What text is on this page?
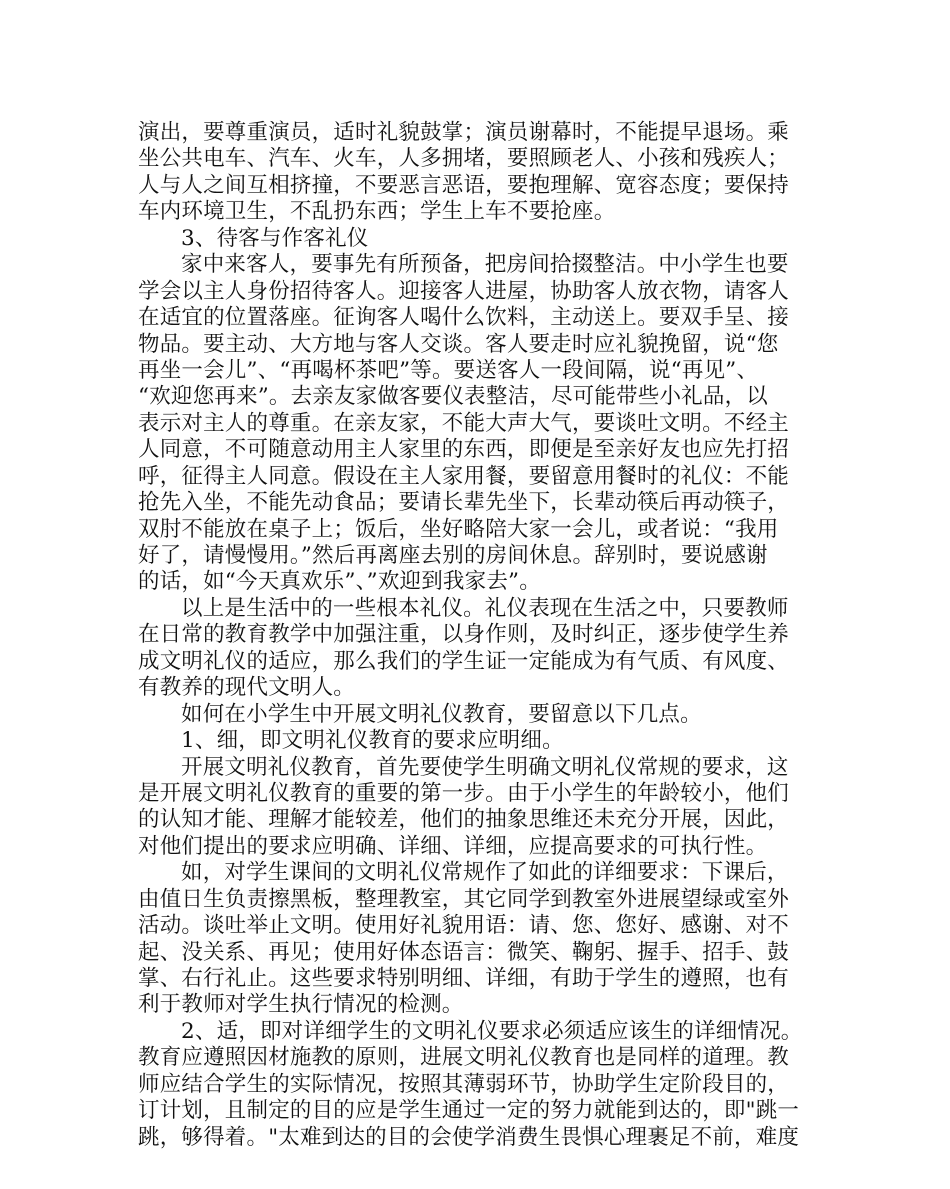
演出，要尊重演员，适时礼貌鼓掌；演员谢幕时，不能提早退场。乘
坐公共电车、汽车、火车，人多拥堵，要照顾老人、小孩和残疾人；
人与人之间互相挤撞，不要恶言恶语，要抱理解、宽容态度；要保持
车内环境卫生，不乱扔东西；学生上车不要抢座。
3、待客与作客礼仪
家中来客人，要事先有所预备，把房间拾掇整洁。中小学生也要
学会以主人身份招待客人。迎接客人进屋，协助客人放衣物，请客人
在适宜的位置落座。征询客人喝什么饮料，主动送上。要双手呈、接
物品。要主动、大方地与客人交谈。客人要走时应礼貌挽留，说“您
再坐一会儿”、“再喝杯茶吧”等。要送客人一段间隔，说“再见”、
“欢迎您再来”。去亲友家做客要仪表整洁，尽可能带些小礼品，以
表示对主人的尊重。在亲友家，不能大声大气，要谈吐文明。不经主
人同意，不可随意动用主人家里的东西，即便是至亲好友也应先打招
呼，征得主人同意。假设在主人家用餐，要留意用餐时的礼仪：不能
抢先入坐，不能先动食品；要请长辈先坐下，长辈动筷后再动筷子，
双肘不能放在桌子上；饭后，坐好略陪大家一会儿，或者说：“我用
好了，请慢慢用。”然后再离座去别的房间休息。辞别时，要说感谢
的话，如“今天真欢乐”、”欢迎到我家去”。
以上是生活中的一些根本礼仪。礼仪表现在生活之中，只要教师
在日常的教育教学中加强注重，以身作则，及时纠正，逐步使学生养
成文明礼仪的适应，那么我们的学生证一定能成为有气质、有风度、
有教养的现代文明人。
如何在小学生中开展文明礼仪教育，要留意以下几点。
1、细，即文明礼仪教育的要求应明细。
开展文明礼仪教育，首先要使学生明确文明礼仪常规的要求，这
是开展文明礼仪教育的重要的第一步。由于小学生的年龄较小，他们
的认知才能、理解才能较差，他们的抽象思维还未充分开展，因此，
对他们提出的要求应明确、详细、详细，应提高要求的可执行性。
如，对学生课间的文明礼仪常规作了如此的详细要求：下课后，
由值日生负责擦黑板，整理教室，其它同学到教室外进展望绿或室外
活动。谈吐举止文明。使用好礼貌用语：请、您、您好、感谢、对不
起、没关系、再见；使用好体态语言：微笑、鞠躬、握手、招手、鼓
掌、右行礼止。这些要求特别明细、详细，有助于学生的遵照，也有
利于教师对学生执行情况的检测。
2、适，即对详细学生的文明礼仪要求必须适应该生的详细情况。
教育应遵照因材施教的原则，进展文明礼仪教育也是同样的道理。教
师应结合学生的实际情况，按照其薄弱环节，协助学生定阶段目的，
订计划，且制定的目的应是学生通过一定的努力就能到达的，即"跳一
跳，够得着。"太难到达的目的会使学消费生畏惧心理裹足不前，难度
